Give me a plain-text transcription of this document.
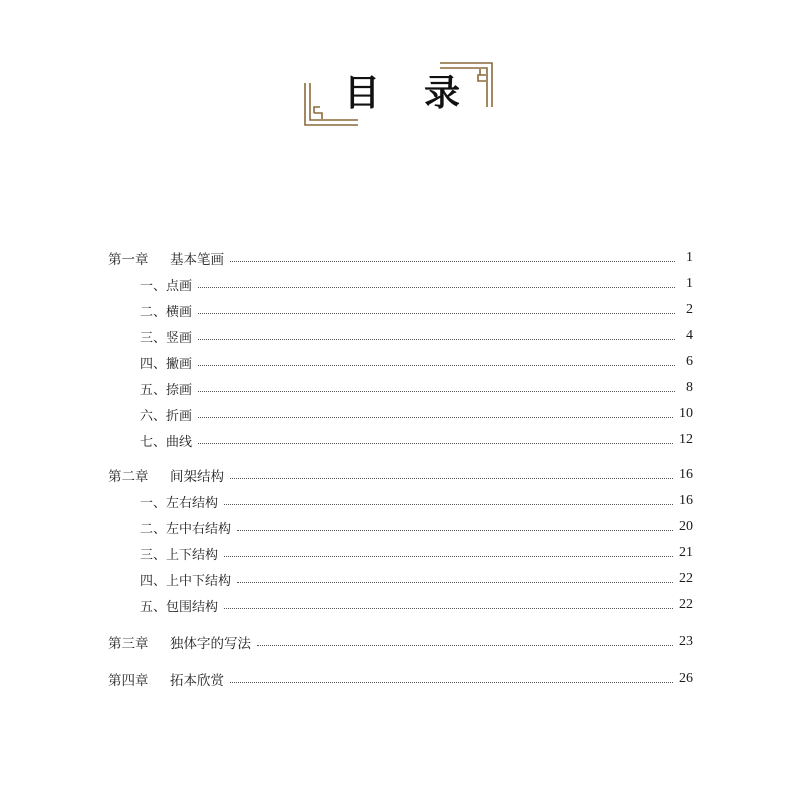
目 录
第一章 基本笔画	1
一、点画	1
二、横画	2
三、竖画	4
四、撇画	6
五、捺画	8
六、折画	10
七、曲线	12
第二章 间架结构	16
一、左右结构	16
二、左中右结构	20
三、上下结构	21
四、上中下结构	22
五、包围结构	22
第三章 独体字的写法	23
第四章 拓本欣赏	26
